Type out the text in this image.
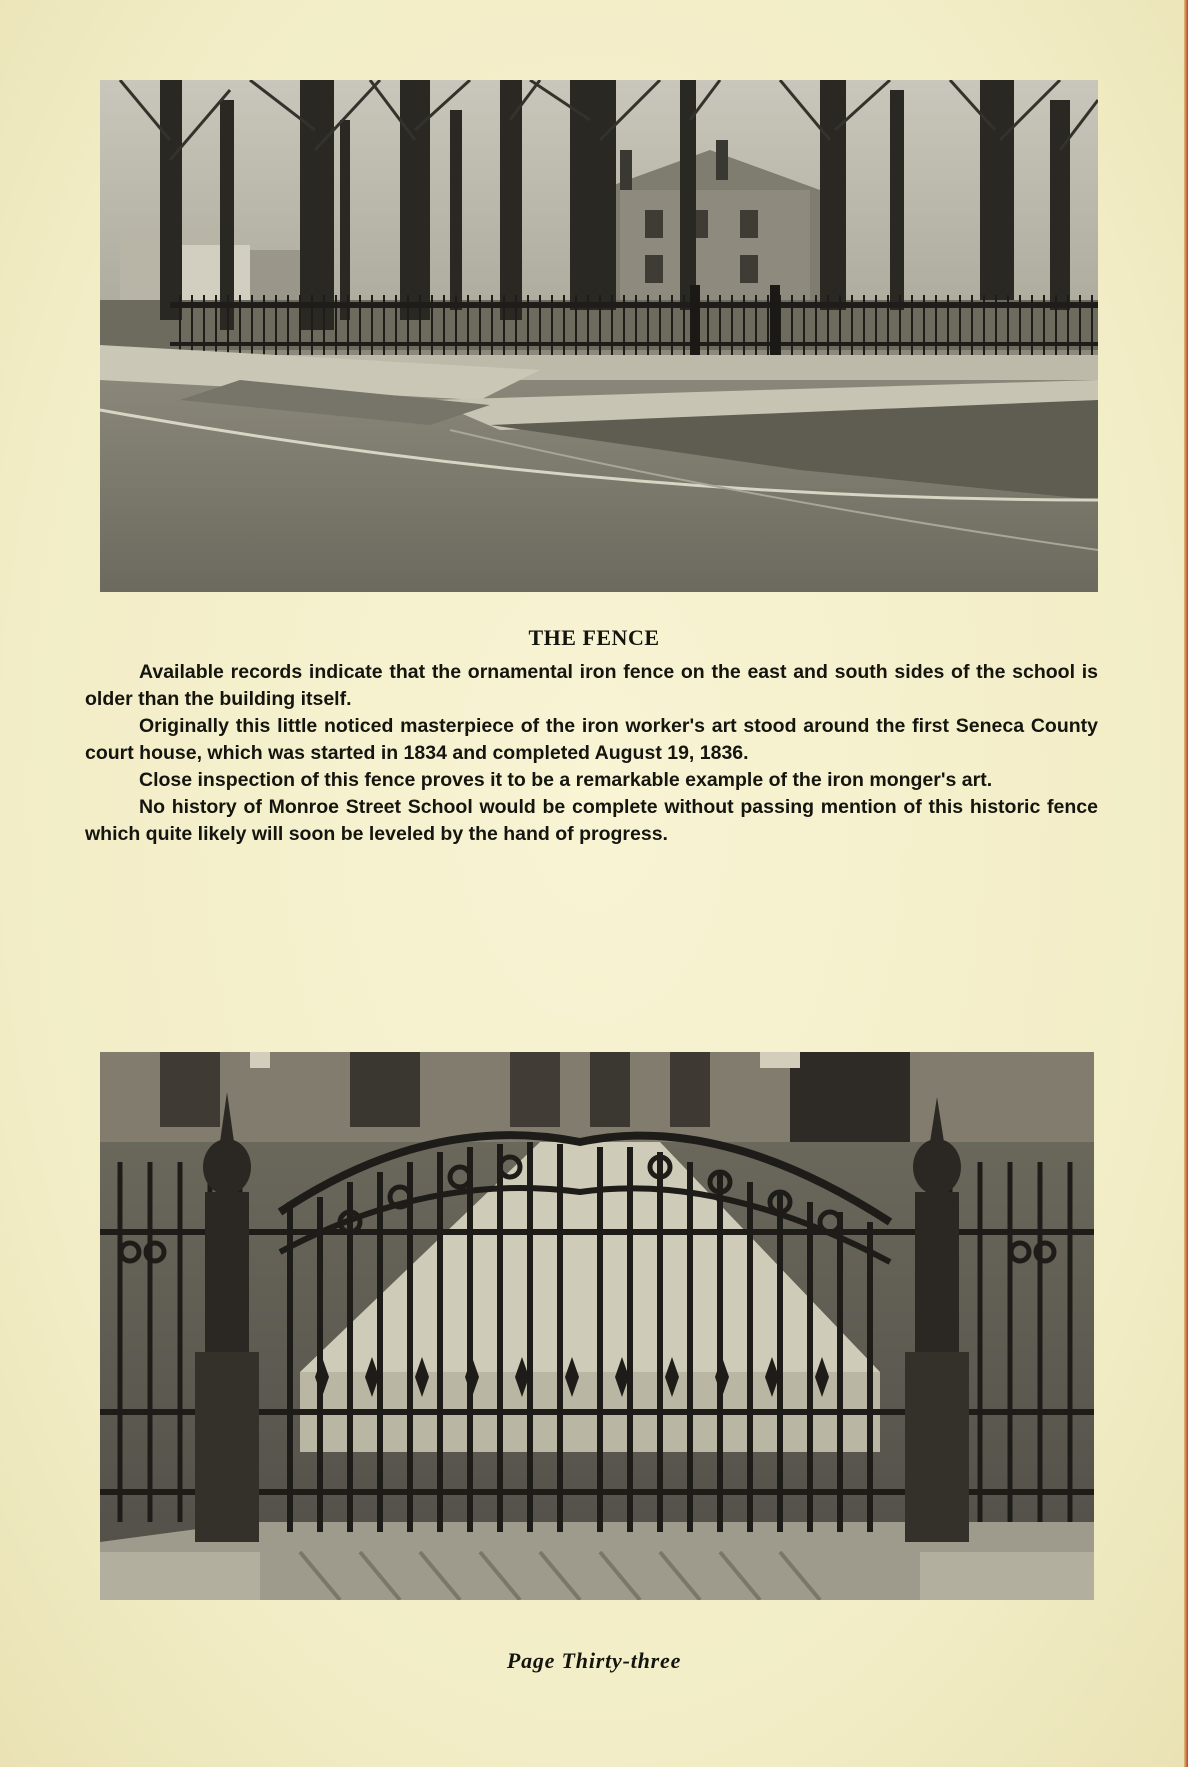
THE FENCE

Available records indicate that the ornamental iron fence on the east and south sides of the school is older than the building itself.

Originally this little noticed masterpiece of the iron worker's art stood around the first Seneca County court house, which was started in 1834 and completed August 19, 1836.

Close inspection of this fence proves it to be a remarkable example of the iron monger's art.

No history of Monroe Street School would be complete without passing mention of this historic fence which quite likely will soon be leveled by the hand of progress.

Page Thirty-three
